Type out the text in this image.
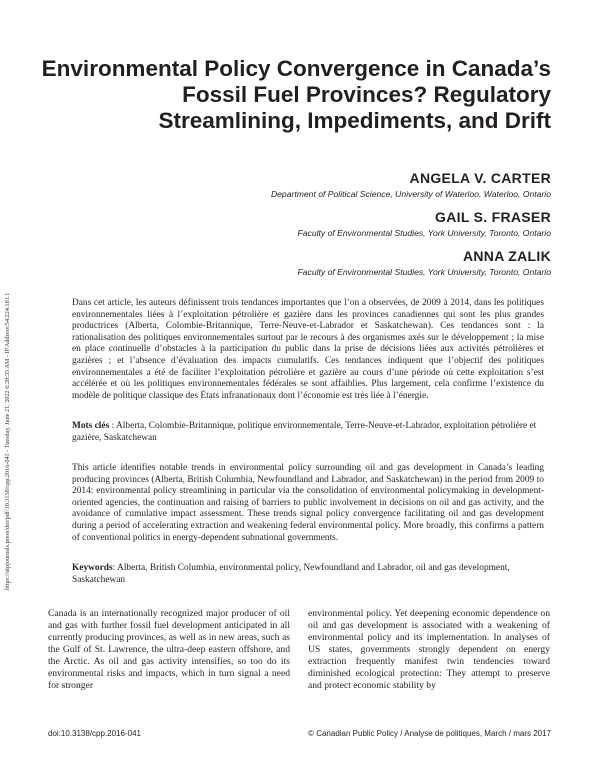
https://utpjournals.press/doi/pdf/10.3138/cpp.2016-041 - Tuesday, June 21, 2022 6:28:35 AM - IP Address:54.224.181.1
Environmental Policy Convergence in Canada’s Fossil Fuel Provinces? Regulatory Streamlining, Impediments, and Drift
ANGELA V. CARTER
Department of Political Science, University of Waterloo, Waterloo, Ontario
GAIL S. FRASER
Faculty of Environmental Studies, York University, Toronto, Ontario
ANNA ZALIK
Faculty of Environmental Studies, York University, Toronto, Ontario

Dans cet article, les auteurs définissent trois tendances importantes que l’on a observées, de 2009 à 2014, dans les politiques environnementales liées à l’exploitation pétrolière et gazière dans les provinces canadiennes qui sont les plus grandes productrices (Alberta, Colombie-Britannique, Terre-Neuve-et-Labrador et Saskatchewan). Ces tendances sont : la rationalisation des politiques environnementales surtout par le recours à des organismes axés sur le développement ; la mise en place continuelle d’obstacles à la participation du public dans la prise de décisions liées aux activités pétrolières et gazières ; et l’absence d’évaluation des impacts cumulatifs. Ces tendances indiquent que l’objectif des politiques environnementales a été de faciliter l’exploitation pétrolière et gazière au cours d’une période où cette exploitation s’est accélérée et où les politiques environnementales fédérales se sont affaiblies. Plus largement, cela confirme l’existence du modèle de politique classique des États infranationaux dont l’économie est très liée à l’énergie.

Mots clés : Alberta, Colombie-Britannique, politique environnementale, Terre-Neuve-et-Labrador, exploitation pétrolière et gazière, Saskatchewan

This article identifies notable trends in environmental policy surrounding oil and gas development in Canada’s leading producing provinces (Alberta, British Columbia, Newfoundland and Labrador, and Saskatchewan) in the period from 2009 to 2014: environmental policy streamlining in particular via the consolidation of environmental policymaking in development-oriented agencies, the continuation and raising of barriers to public involvement in decisions on oil and gas activity, and the avoidance of cumulative impact assessment. These trends signal policy convergence facilitating oil and gas development during a period of accelerating extraction and weakening federal environmental policy. More broadly, this confirms a pattern of conventional politics in energy-dependent subnational governments.

Keywords: Alberta, British Columbia, environmental policy, Newfoundland and Labrador, oil and gas development, Saskatchewan

Canada is an internationally recognized major producer of oil and gas with further fossil fuel development anticipated in all currently producing provinces, as well as in new areas, such as the Gulf of St. Lawrence, the ultra-deep eastern offshore, and the Arctic. As oil and gas activity intensifies, so too do its environmental risks and impacts, which in turn signal a need for stronger

environmental policy. Yet deepening economic dependence on oil and gas development is associated with a weakening of environmental policy and its implementation. In analyses of US states, governments strongly dependent on energy extraction frequently manifest twin tendencies toward diminished ecological protection: They attempt to preserve and protect economic stability by

doi:10.3138/cpp.2016-041	© Canadian Public Policy / Analyse de politiques, March / mars 2017
